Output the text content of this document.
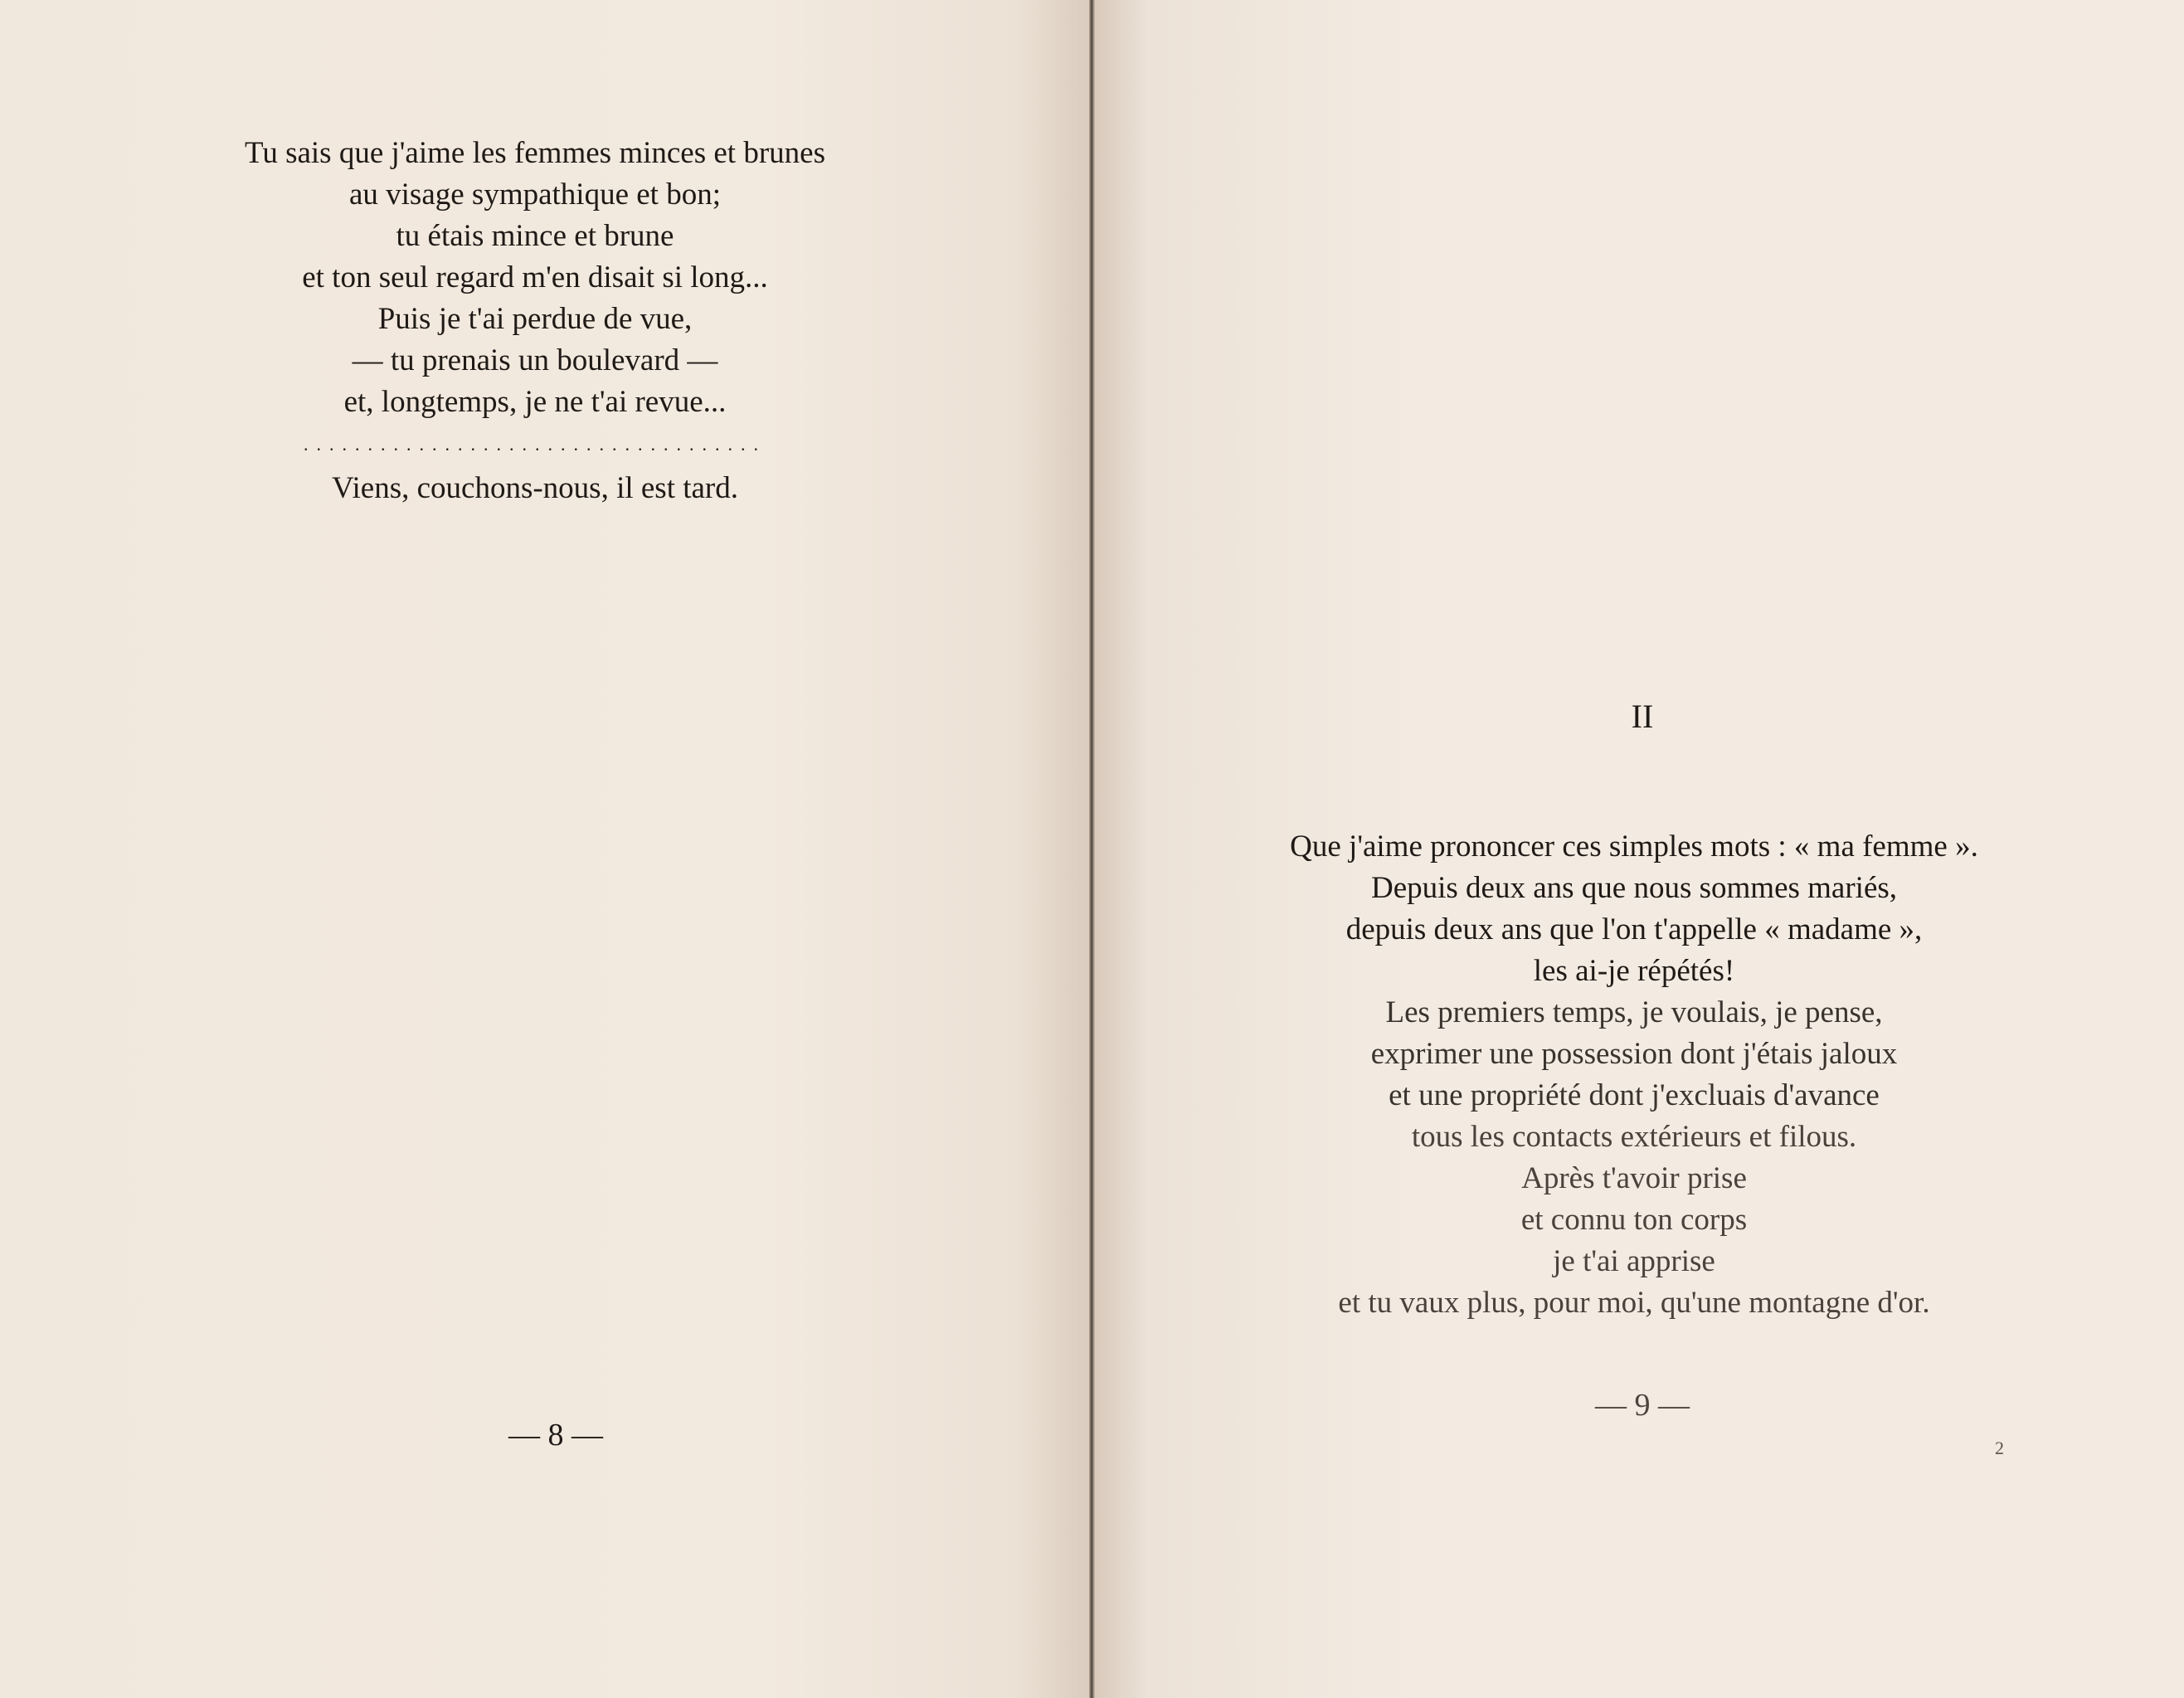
Tu sais que j'aime les femmes minces et brunes
au visage sympathique et bon;
tu étais mince et brune
et ton seul regard m'en disait si long...
Puis je t'ai perdue de vue,
— tu prenais un boulevard —
et, longtemps, je ne t'ai revue...
....................................
Viens, couchons-nous, il est tard.
— 8 —
II
Que j'aime prononcer ces simples mots : « ma femme ».
Depuis deux ans que nous sommes mariés,
depuis deux ans que l'on t'appelle « madame »,
les ai-je répétés!
Les premiers temps, je voulais, je pense,
exprimer une possession dont j'étais jaloux
et une propriété dont j'excluais d'avance
tous les contacts extérieurs et filous.
Après t'avoir prise
et connu ton corps
je t'ai apprise
et tu vaux plus, pour moi, qu'une montagne d'or.
— 9 —
2
